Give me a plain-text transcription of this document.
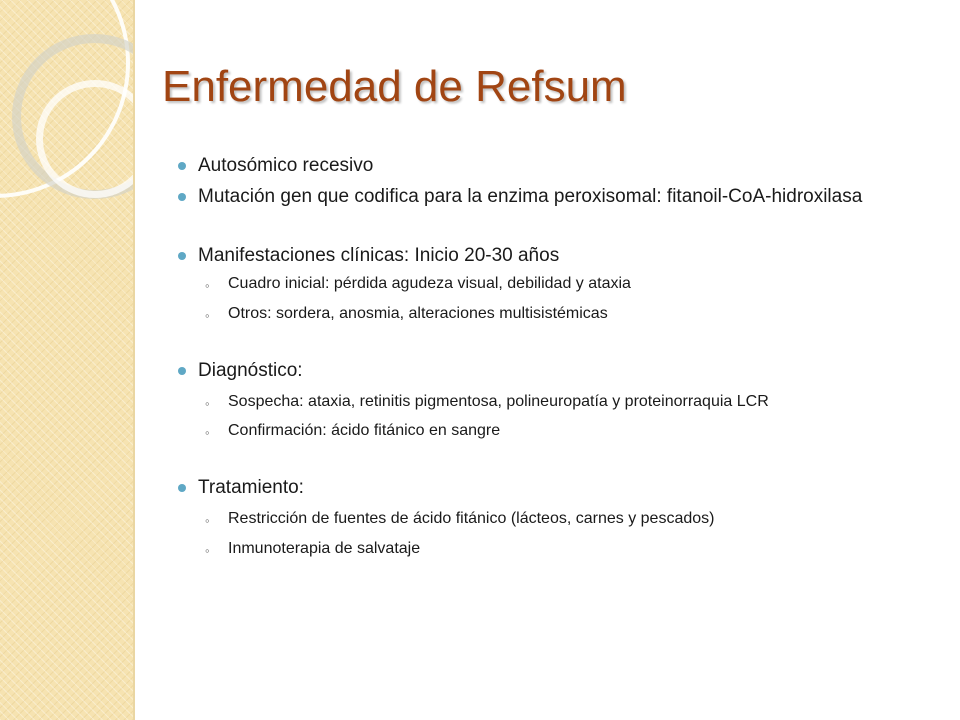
Enfermedad de Refsum
Autosómico recesivo
Mutación gen que codifica para la enzima peroxisomal: fitanoil-CoA-hidroxilasa
Manifestaciones clínicas: Inicio 20-30 años
◦ Cuadro inicial: pérdida agudeza visual, debilidad y ataxia
◦ Otros: sordera, anosmia, alteraciones multisistémicas
Diagnóstico:
◦ Sospecha: ataxia, retinitis pigmentosa, polineuropatía y proteinorraquia LCR
◦ Confirmación: ácido fitánico en sangre
Tratamiento:
◦ Restricción de fuentes de ácido fitánico (lácteos, carnes y pescados)
◦ Inmunoterapia de salvataje
